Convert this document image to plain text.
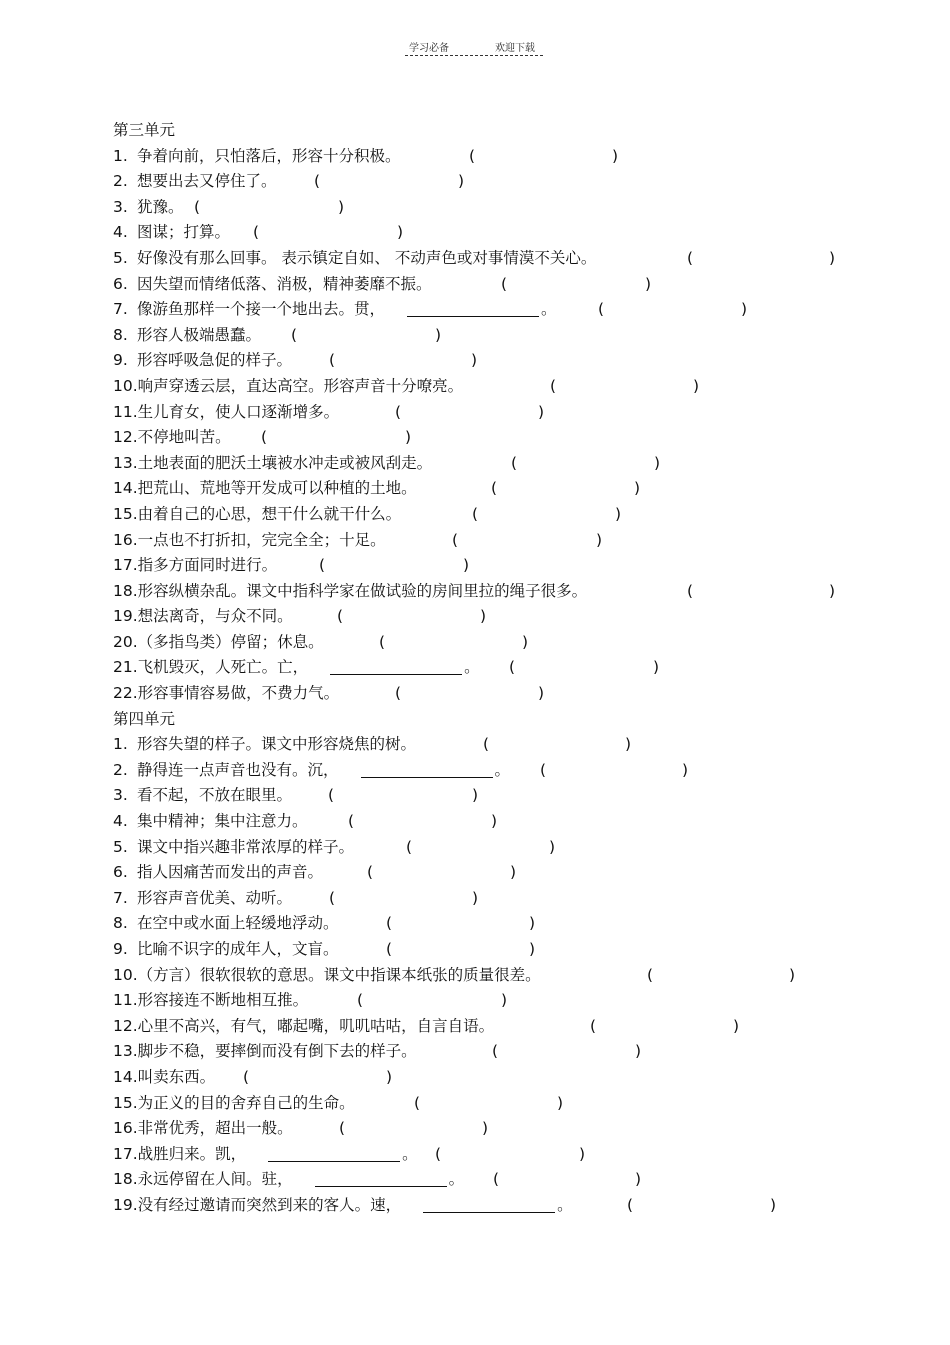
学习必备	欢迎下载
第三单元
1. 争着向前，只怕落后，形容十分积极。	(	)
2. 想要出去又停住了。 (	)
3. 犹豫。 (	)
4. 图谋；打算。 (	)
5. 好像没有那么回事。 表示镇定自如、 不动声色或对事情漠不关心。	(	)
6. 因失望而情绪低落、消极，精神萎靡不振。	(	)
7. 像游鱼那样一个接一个地出去。贯，	。	(	)
8. 形容人极端愚蠢。 (	)
9. 形容呼吸急促的样子。 (	)
10.响声穿透云层，直达高空。形容声音十分嘹亮。	(	)
11.生儿育女，使人口逐渐增多。	(	)
12.不停地叫苦。 (	)
13.土地表面的肥沃土壤被水冲走或被风刮走。	(	)
14.把荒山、荒地等开发成可以种植的土地。	(	)
15.由着自己的心思，想干什么就干什么。	(	)
16.一点也不打折扣，完完全全；十足。	(	)
17.指多方面同时进行。	(	)
18.形容纵横杂乱。课文中指科学家在做试验的房间里拉的绳子很多。	(	)
19.想法离奇，与众不同。	(	)
20.（多指鸟类）停留；休息。	(	)
21.飞机毁灭，人死亡。亡，	。 (	)
22.形容事情容易做，不费力气。	(	)
第四单元
1. 形容失望的样子。课文中形容烧焦的树。	(	)
2. 静得连一点声音也没有。沉，	。 (	)
3. 看不起，不放在眼里。 (	)
4. 集中精神；集中注意力。	(	)
5. 课文中指兴趣非常浓厚的样子。	(	)
6. 指人因痛苦而发出的声音。	(	)
7. 形容声音优美、动听。 (	)
8. 在空中或水面上轻缓地浮动。	(	)
9. 比喻不识字的成年人，文盲。	(	)
10.（方言）很软很软的意思。课文中指课本纸张的质量很差。	(	)
11.形容接连不断地相互推。	(	)
12.心里不高兴，有气，嘟起嘴，叽叽咕咕，自言自语。	(	)
13.脚步不稳，要摔倒而没有倒下去的样子。	(	)
14.叫卖东西。 (	)
15.为正义的目的舍弃自己的生命。	(	)
16.非常优秀，超出一般。	(	)
17.战胜归来。凯，	。 (	)
18.永远停留在人间。驻，	。 (	)
19.没有经过邀请而突然到来的客人。速，	。	(	)
